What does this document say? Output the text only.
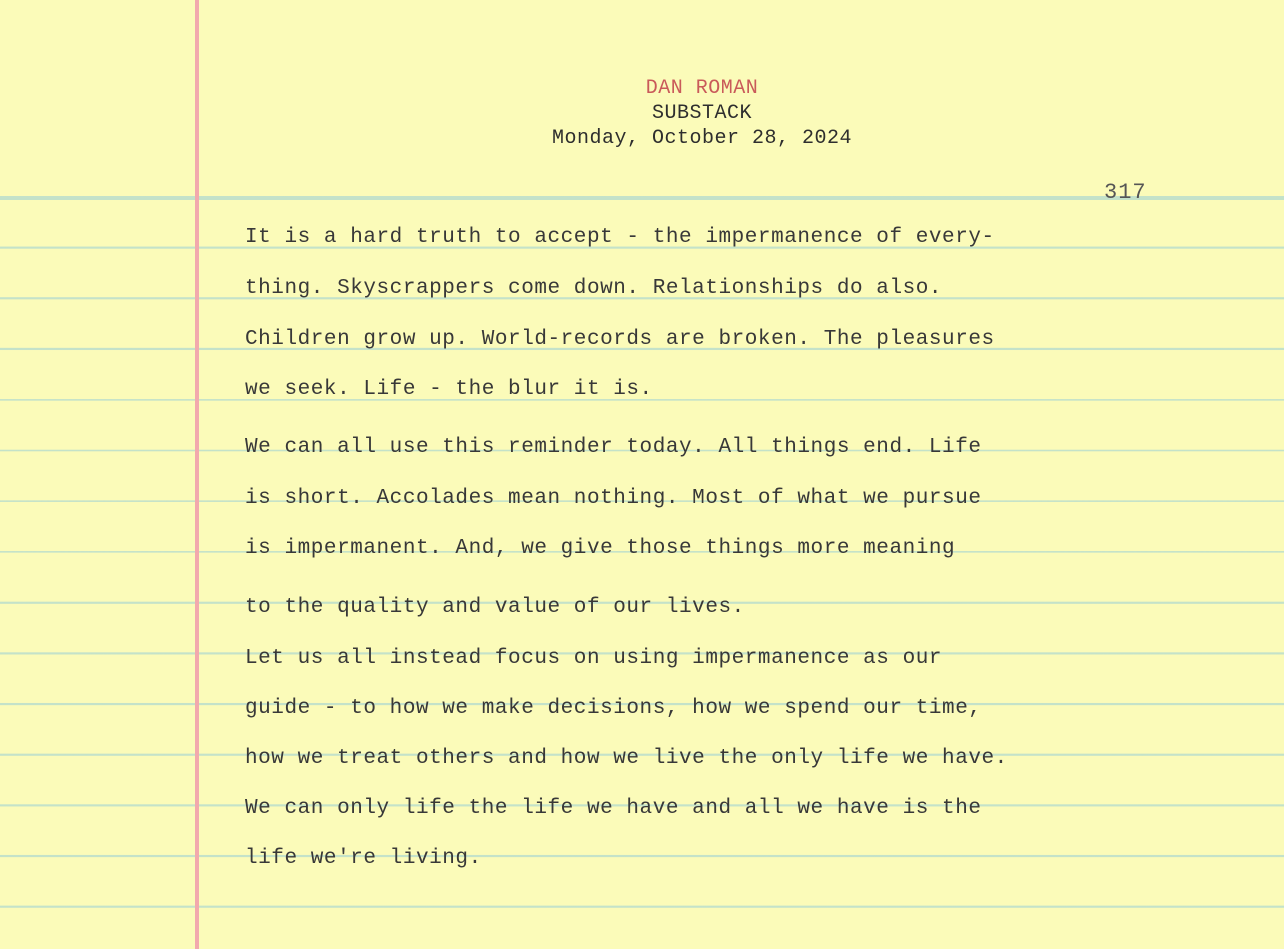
DAN ROMAN
SUBSTACK
Monday, October 28, 2024
317
It is a hard truth to accept - the impermanence of every-
thing. Skyscrappers come down. Relationships do also.
Children grow up. World-records are broken. The pleasures
we seek. Life - the blur it is.
We can all use this reminder today. All things end. Life
is short. Accolades mean nothing. Most of what we pursue
is impermanent. And, we give those things more meaning
to the quality and value of our lives.
Let us all instead focus on using impermanence as our
guide - to how we make decisions, how we spend our time,
how we treat others and how we live the only life we have.
We can only life the life we have and all we have is the
life we're living.
